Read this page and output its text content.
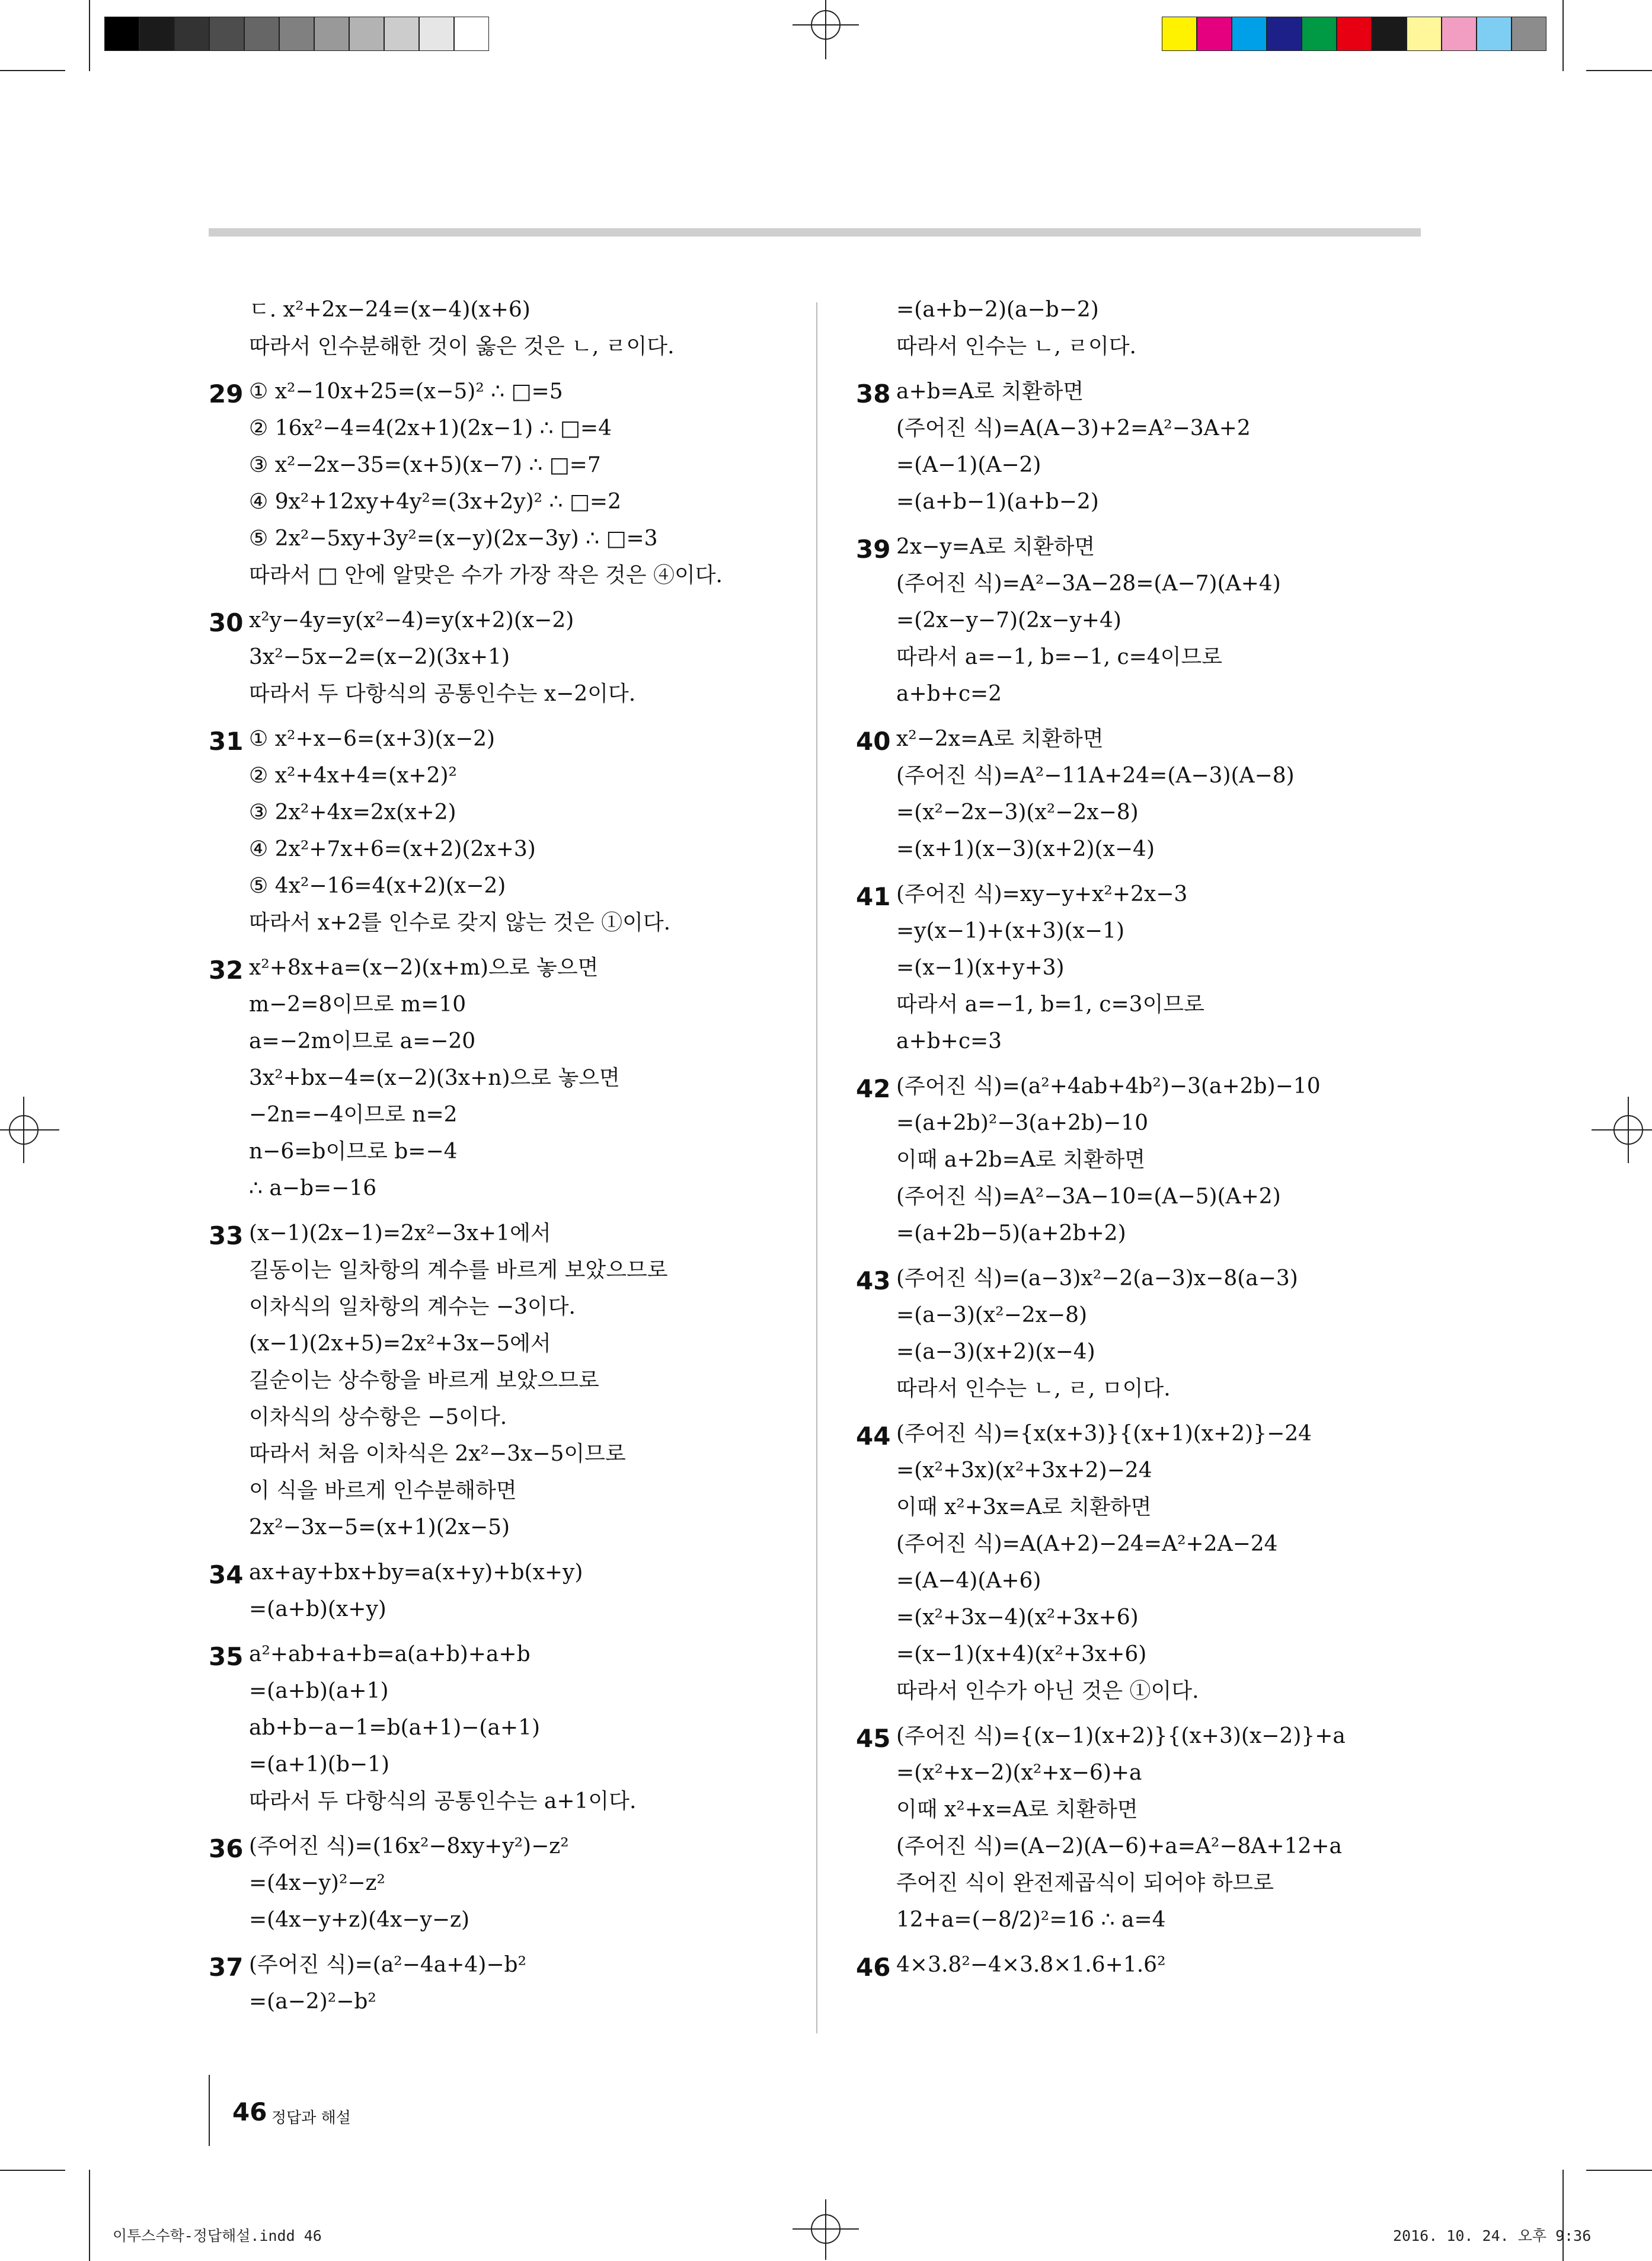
ㄷ. x²+2x−24=(x−4)(x+6)
따라서 인수분해한 것이 옳은 것은 ㄴ, ㄹ이다.
29 ① x²−10x+25=(x−5)² ∴ □=5
② 16x²−4=4(2x+1)(2x−1) ∴ □=4
③ x²−2x−35=(x+5)(x−7) ∴ □=7
④ 9x²+12xy+4y²=(3x+2y)² ∴ □=2
⑤ 2x²−5xy+3y²=(x−y)(2x−3y) ∴ □=3
따라서 □ 안에 알맞은 수가 가장 작은 것은 ④이다.
30 x²y−4y=y(x²−4)=y(x+2)(x−2)
3x²−5x−2=(x−2)(3x+1)
따라서 두 다항식의 공통인수는 x−2이다.
31 ① x²+x−6=(x+3)(x−2)
② x²+4x+4=(x+2)²
③ 2x²+4x=2x(x+2)
④ 2x²+7x+6=(x+2)(2x+3)
⑤ 4x²−16=4(x+2)(x−2)
따라서 x+2를 인수로 갖지 않는 것은 ①이다.
32 x²+8x+a=(x−2)(x+m)으로 놓으면
m−2=8이므로 m=10
a=−2m이므로 a=−20
3x²+bx−4=(x−2)(3x+n)으로 놓으면
−2n=−4이므로 n=2
n−6=b이므로 b=−4
∴ a−b=−16
33 (x−1)(2x−1)=2x²−3x+1에서
길동이는 일차항의 계수를 바르게 보았으므로
이차식의 일차항의 계수는 −3이다.
(x−1)(2x+5)=2x²+3x−5에서
길순이는 상수항을 바르게 보았으므로
이차식의 상수항은 −5이다.
따라서 처음 이차식은 2x²−3x−5이므로
이 식을 바르게 인수분해하면
2x²−3x−5=(x+1)(2x−5)
34 ax+ay+bx+by=a(x+y)+b(x+y)
=(a+b)(x+y)
35 a²+ab+a+b=a(a+b)+a+b
=(a+b)(a+1)
ab+b−a−1=b(a+1)−(a+1)
=(a+1)(b−1)
따라서 두 다항식의 공통인수는 a+1이다.
36 (주어진 식)=(16x²−8xy+y²)−z²
=(4x−y)²−z²
=(4x−y+z)(4x−y−z)
37 (주어진 식)=(a²−4a+4)−b²
=(a−2)²−b²
=(a+b−2)(a−b−2)
따라서 인수는 ㄴ, ㄹ이다.
38 a+b=A로 치환하면
(주어진 식)=A(A−3)+2=A²−3A+2
=(A−1)(A−2)
=(a+b−1)(a+b−2)
39 2x−y=A로 치환하면
(주어진 식)=A²−3A−28=(A−7)(A+4)
=(2x−y−7)(2x−y+4)
따라서 a=−1, b=−1, c=4이므로
a+b+c=2
40 x²−2x=A로 치환하면
(주어진 식)=A²−11A+24=(A−3)(A−8)
=(x²−2x−3)(x²−2x−8)
=(x+1)(x−3)(x+2)(x−4)
41 (주어진 식)=xy−y+x²+2x−3
=y(x−1)+(x+3)(x−1)
=(x−1)(x+y+3)
따라서 a=−1, b=1, c=3이므로
a+b+c=3
42 (주어진 식)=(a²+4ab+4b²)−3(a+2b)−10
=(a+2b)²−3(a+2b)−10
이때 a+2b=A로 치환하면
(주어진 식)=A²−3A−10=(A−5)(A+2)
=(a+2b−5)(a+2b+2)
43 (주어진 식)=(a−3)x²−2(a−3)x−8(a−3)
=(a−3)(x²−2x−8)
=(a−3)(x+2)(x−4)
따라서 인수는 ㄴ, ㄹ, ㅁ이다.
44 (주어진 식)={x(x+3)}{(x+1)(x+2)}−24
=(x²+3x)(x²+3x+2)−24
이때 x²+3x=A로 치환하면
(주어진 식)=A(A+2)−24=A²+2A−24
=(A−4)(A+6)
=(x²+3x−4)(x²+3x+6)
=(x−1)(x+4)(x²+3x+6)
따라서 인수가 아닌 것은 ①이다.
45 (주어진 식)={(x−1)(x+2)}{(x+3)(x−2)}+a
=(x²+x−2)(x²+x−6)+a
이때 x²+x=A로 치환하면
(주어진 식)=(A−2)(A−6)+a=A²−8A+12+a
주어진 식이 완전제곱식이 되어야 하므로
12+a=(−8/2)²=16 ∴ a=4
46 4×3.8²−4×3.8×1.6+1.6²
46 정답과 해설
이투스수학-정답해설.indd 46	2016. 10. 24. 오후 9:36
